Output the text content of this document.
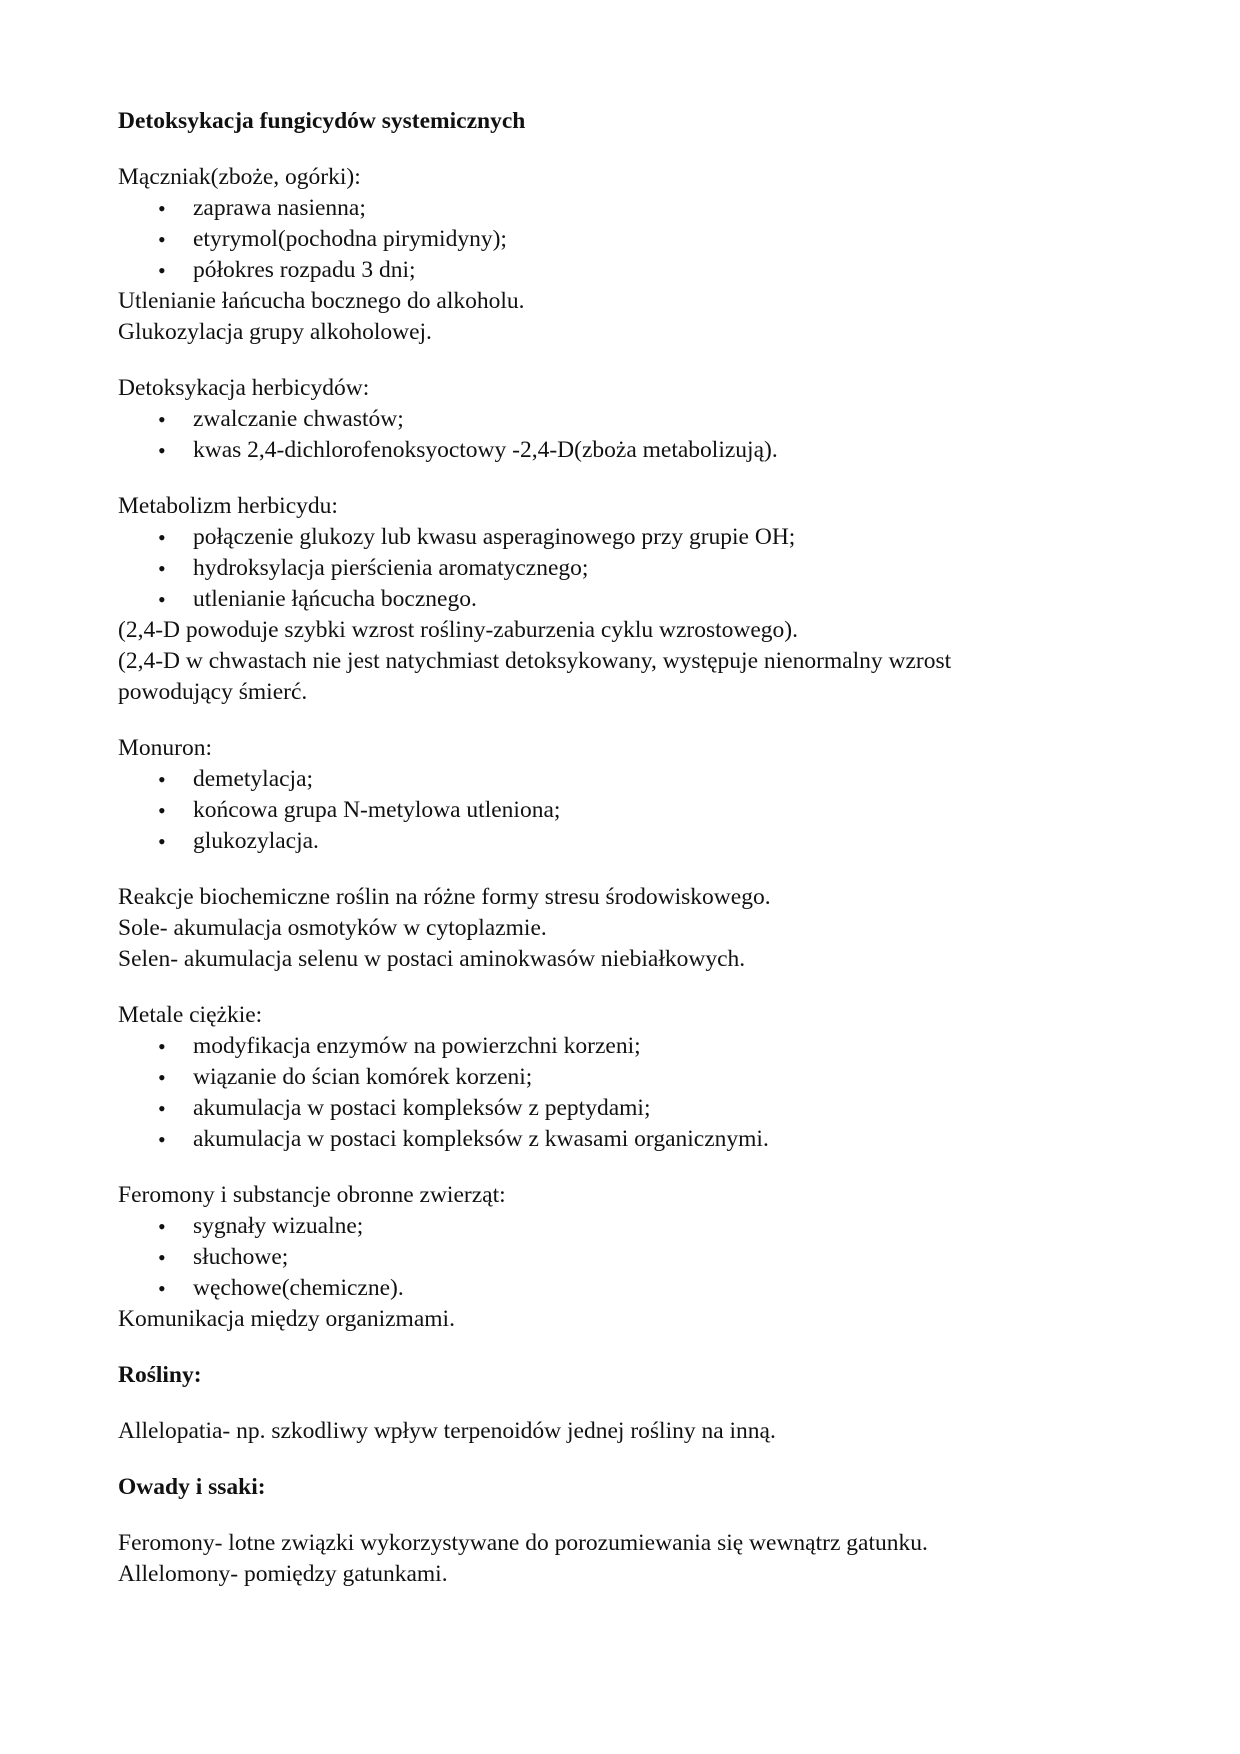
Detoksykacja fungicydów systemicznych

Mączniak(zboże, ogórki):

• zaprawa nasienna;
• etyrymol(pochodna pirymidyny);
• półokres rozpadu 3 dni;

Utlenianie łańcucha bocznego do alkoholu.

Glukozylacja grupy alkoholowej.

Detoksykacja herbicydów:

• zwalczanie chwastów;
• kwas 2,4-dichlorofenoksyoctowy -2,4-D(zboża metabolizują).

Metabolizm herbicydu:

• połączenie glukozy lub kwasu asperaginowego przy grupie OH;
• hydroksylacja pierścienia aromatycznego;
• utlenianie łąńcucha bocznego.

(2,4-D powoduje szybki wzrost rośliny-zaburzenia cyklu wzrostowego).

(2,4-D w chwastach nie jest natychmiast detoksykowany, występuje nienormalny wzrost

powodujący śmierć.

Monuron:

• demetylacja;
• końcowa grupa N-metylowa utleniona;
• glukozylacja.

Reakcje biochemiczne roślin na różne formy stresu środowiskowego.

Sole- akumulacja osmotyków w cytoplazmie.

Selen- akumulacja selenu w postaci aminokwasów niebiałkowych.

Metale ciężkie:

• modyfikacja enzymów na powierzchni korzeni;
• wiązanie do ścian komórek korzeni;
• akumulacja w postaci kompleksów z peptydami;
• akumulacja w postaci kompleksów z kwasami organicznymi.

Feromony i substancje obronne zwierząt:

• sygnały wizualne;
• słuchowe;
• węchowe(chemiczne).

Komunikacja między organizmami.

Rośliny:

Allelopatia- np. szkodliwy wpływ terpenoidów jednej rośliny na inną.

Owady i ssaki:

Feromony- lotne związki wykorzystywane do porozumiewania się wewnątrz gatunku.

Allelomony- pomiędzy gatunkami.
